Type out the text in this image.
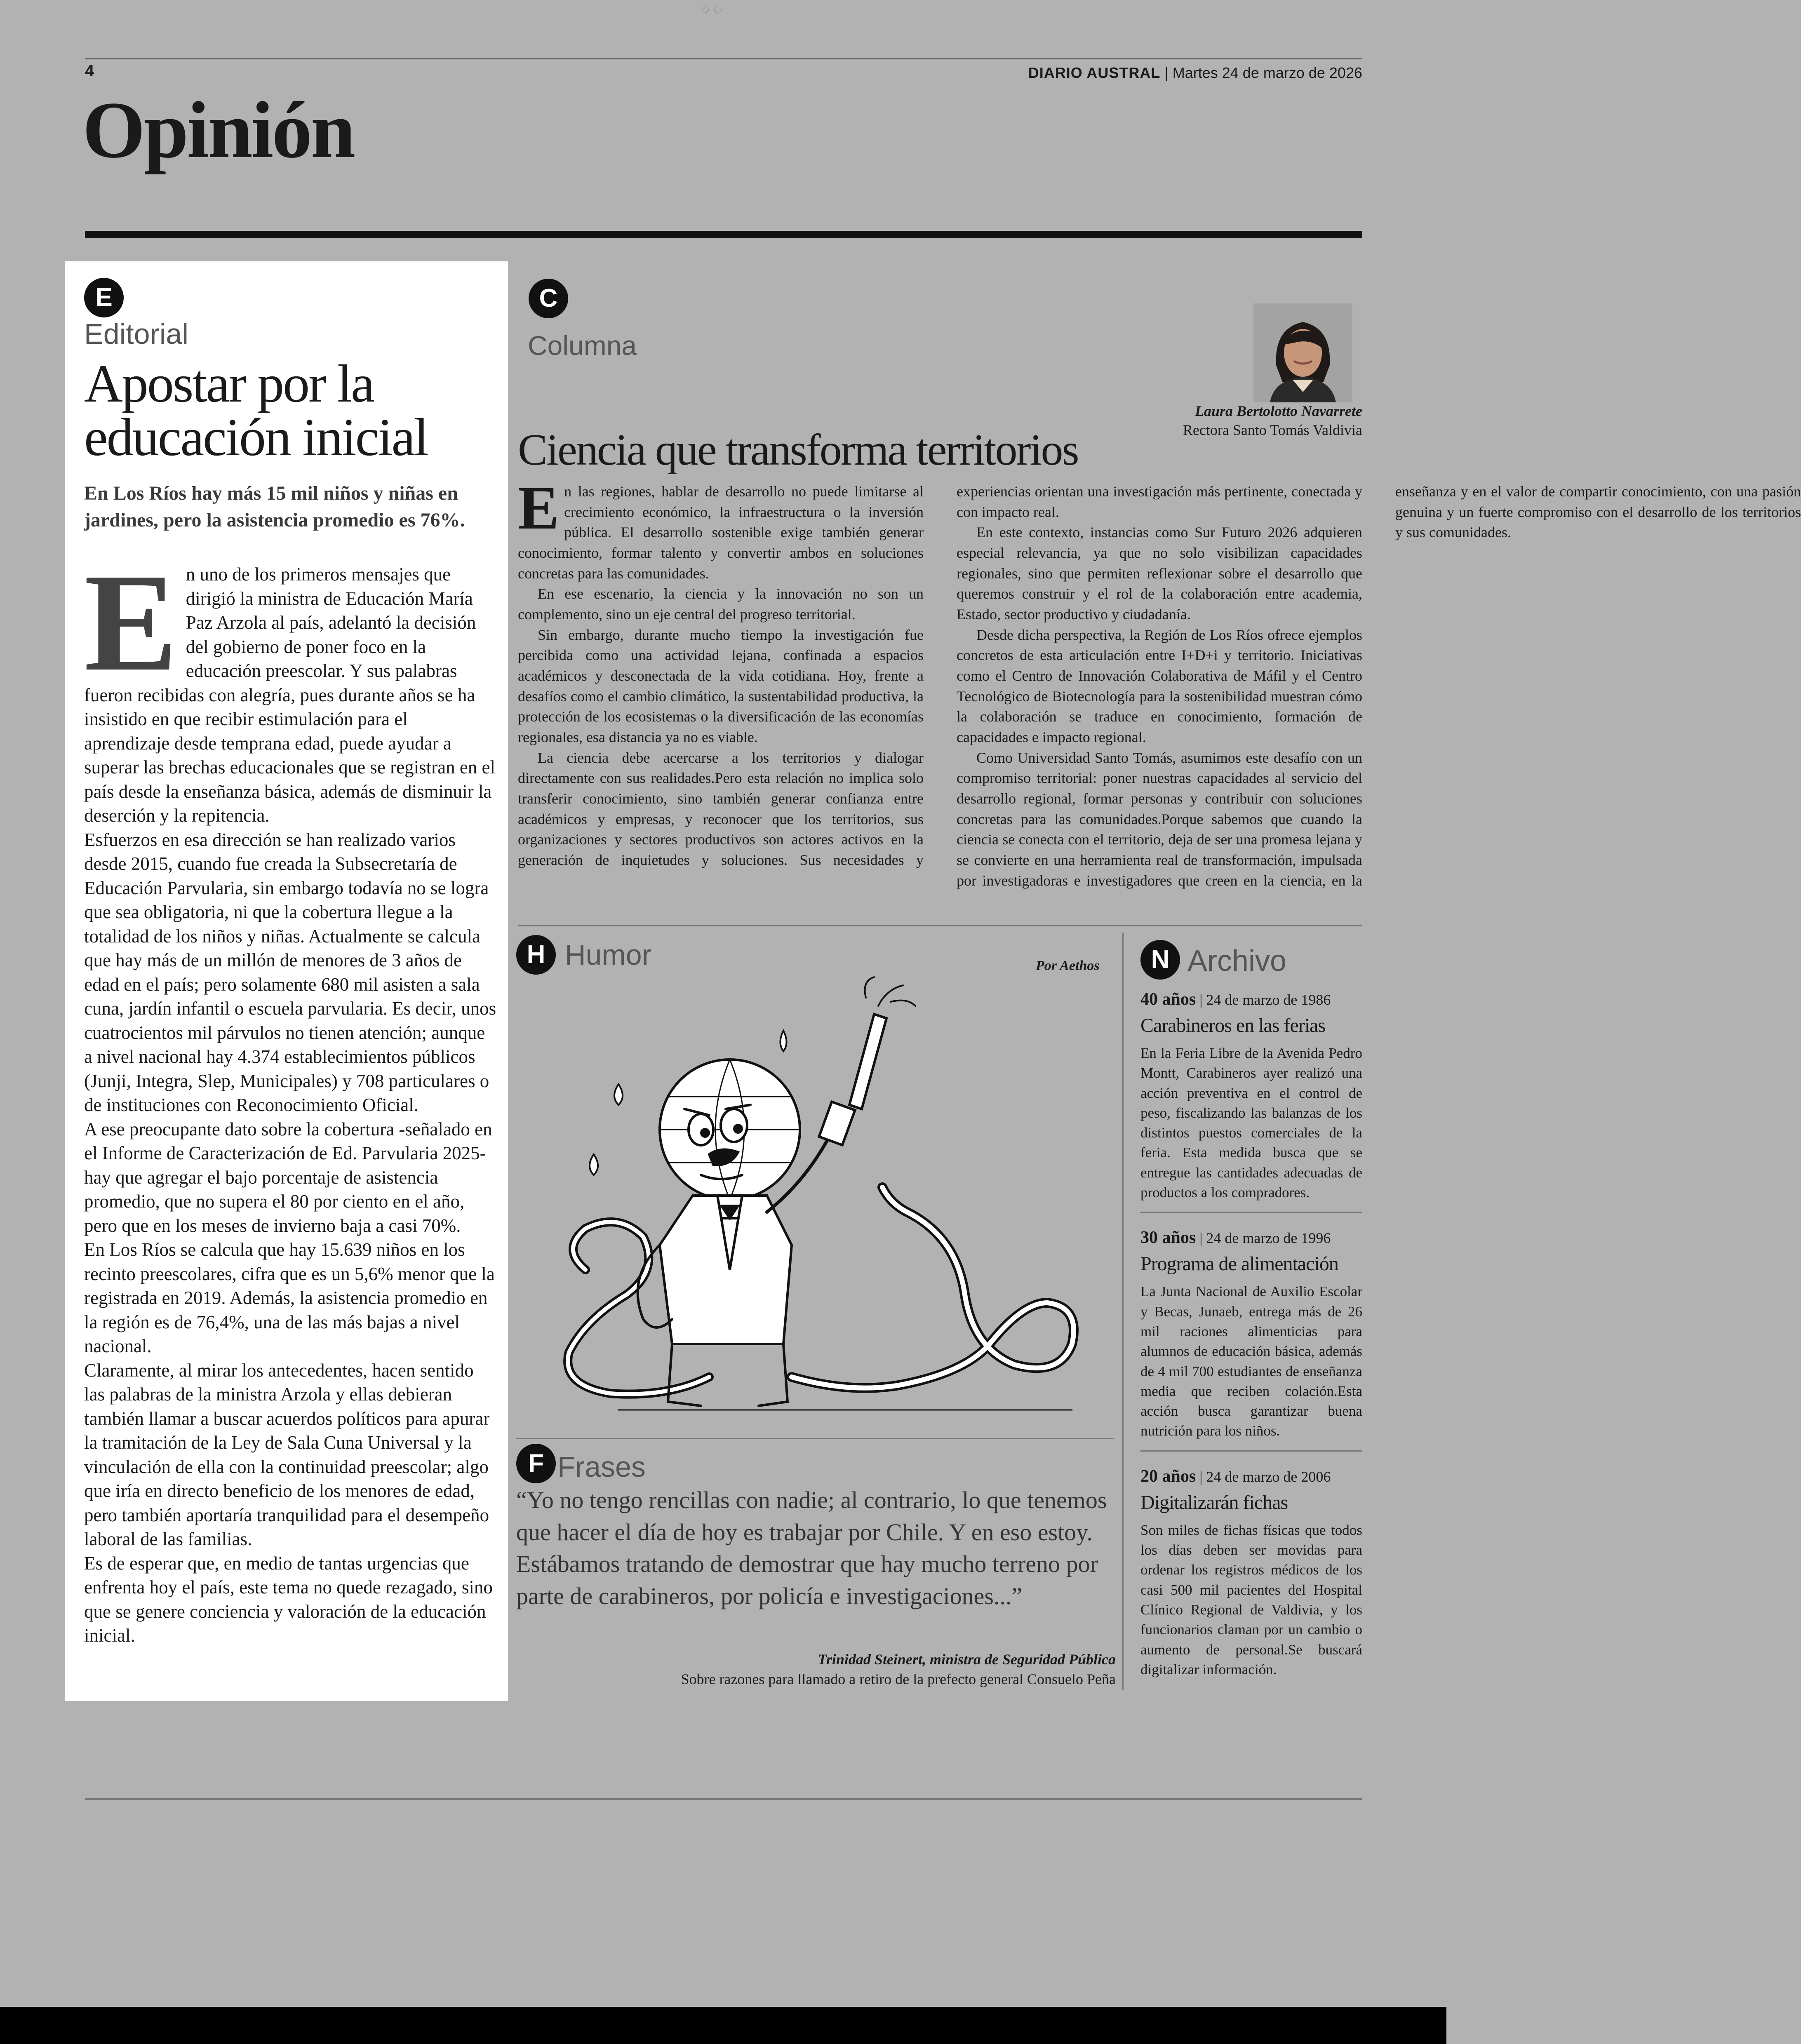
◌ ◌
4	DIARIO AUSTRAL | Martes 24 de marzo de 2026
Opinión
E
Editorial
Apostar por la educación inicial
En Los Ríos hay más 15 mil niños y niñas en jardines, pero la asistencia promedio es 76%.

En uno de los primeros mensajes que dirigió la ministra de Educación María Paz Arzola al país, adelantó la decisión del gobierno de poner foco en la educación preescolar. Y sus palabras fueron recibidas con alegría, pues durante años se ha insistido en que recibir estimulación para el aprendizaje desde temprana edad, puede ayudar a superar las brechas educacionales que se registran en el país desde la enseñanza básica, además de disminuir la deserción y la repitencia.

Esfuerzos en esa dirección se han realizado varios desde 2015, cuando fue creada la Subsecretaría de Educación Parvularia, sin embargo todavía no se logra que sea obligatoria, ni que la cobertura llegue a la totalidad de los niños y niñas. Actualmente se calcula que hay más de un millón de menores de 3 años de edad en el país; pero solamente 680 mil asisten a sala cuna, jardín infantil o escuela parvularia. Es decir, unos cuatrocientos mil párvulos no tienen atención; aunque a nivel nacional hay 4.374 establecimientos públicos (Junji, Integra, Slep, Municipales) y 708 particulares o de instituciones con Reconocimiento Oficial.

A ese preocupante dato sobre la cobertura -señalado en el Informe de Caracterización de Ed. Parvularia 2025- hay que agregar el bajo porcentaje de asistencia promedio, que no supera el 80 por ciento en el año, pero que en los meses de invierno baja a casi 70%.

En Los Ríos se calcula que hay 15.639 niños en los recinto preescolares, cifra que es un 5,6% menor que la registrada en 2019. Además, la asistencia promedio en la región es de 76,4%, una de las más bajas a nivel nacional.

Claramente, al mirar los antecedentes, hacen sentido las palabras de la ministra Arzola y ellas debieran también llamar a buscar acuerdos políticos para apurar la tramitación de la Ley de Sala Cuna Universal y la vinculación de ella con la continuidad preescolar; algo que iría en directo beneficio de los menores de edad, pero también aportaría tranquilidad para el desempeño laboral de las familias.

Es de esperar que, en medio de tantas urgencias que enfrenta hoy el país, este tema no quede rezagado, sino que se genere conciencia y valoración de la educación inicial.

C
Columna
Laura Bertolotto Navarrete
Rectora Santo Tomás Valdivia
Ciencia que transforma territorios

En las regiones, hablar de desarrollo no puede limitarse al crecimiento económico, la infraestructura o la inversión pública. El desarrollo sostenible exige también generar conocimiento, formar talento y convertir ambos en soluciones concretas para las comunidades.

En ese escenario, la ciencia y la innovación no son un complemento, sino un eje central del progreso territorial.

Sin embargo, durante mucho tiempo la investigación fue percibida como una actividad lejana, confinada a espacios académicos y desconectada de la vida cotidiana. Hoy, frente a desafíos como el cambio climático, la sustentabilidad productiva, la protección de los ecosistemas o la diversificación de las economías regionales, esa distancia ya no es viable.

La ciencia debe acercarse a los territorios y dialogar directamente con sus realidades.Pero esta relación no implica solo transferir conocimiento, sino también generar confianza entre académicos y empresas, y reconocer que los territorios, sus organizaciones y sectores productivos son actores activos en la generación de inquietudes y soluciones. Sus necesidades y experiencias orientan una investigación más pertinente, conectada y con impacto real.

En este contexto, instancias como Sur Futuro 2026 adquieren especial relevancia, ya que no solo visibilizan capacidades regionales, sino que permiten reflexionar sobre el desarrollo que queremos construir y el rol de la colaboración entre academia, Estado, sector productivo y ciudadanía.

Desde dicha perspectiva, la Región de Los Ríos ofrece ejemplos concretos de esta articulación entre I+D+i y territorio. Iniciativas como el Centro de Innovación Colaborativa de Máfil y el Centro Tecnológico de Biotecnología para la sostenibilidad muestran cómo la colaboración se traduce en conocimiento, formación de capacidades e impacto regional.

Como Universidad Santo Tomás, asumimos este desafío con un compromiso territorial: poner nuestras capacidades al servicio del desarrollo regional, formar personas y contribuir con soluciones concretas para las comunidades.Porque sabemos que cuando la ciencia se conecta con el territorio, deja de ser una promesa lejana y se convierte en una herramienta real de transformación, impulsada por investigadoras e investigadores que creen en la ciencia, en la enseñanza y en el valor de compartir conocimiento, con una pasión genuina y un fuerte compromiso con el desarrollo de los territorios y sus comunidades.

H Humor	Por Aethos
F Frases
“Yo no tengo rencillas con nadie; al contrario, lo que tenemos que hacer el día de hoy es trabajar por Chile. Y en eso estoy. Estábamos tratando de demostrar que hay mucho terreno por parte de carabineros, por policía e investigaciones...”
Trinidad Steinert, ministra de Seguridad Pública
Sobre razones para llamado a retiro de la prefecto general Consuelo Peña
N Archivo
40 años | 24 de marzo de 1986
Carabineros en las ferias
En la Feria Libre de la Avenida Pedro Montt, Carabineros ayer realizó una acción preventiva en el control de peso, fiscalizando las balanzas de los distintos puestos comerciales de la feria. Esta medida busca que se entregue las cantidades adecuadas de productos a los compradores.
30 años | 24 de marzo de 1996
Programa de alimentación
La Junta Nacional de Auxilio Escolar y Becas, Junaeb, entrega más de 26 mil raciones alimenticias para alumnos de educación básica, además de 4 mil 700 estudiantes de enseñanza media que reciben colación.Esta acción busca garantizar buena nutrición para los niños.
20 años | 24 de marzo de 2006
Digitalizarán fichas
Son miles de fichas físicas que todos los días deben ser movidas para ordenar los registros médicos de los casi 500 mil pacientes del Hospital Clínico Regional de Valdivia, y los funcionarios claman por un cambio o aumento de personal.Se buscará digitalizar información.
